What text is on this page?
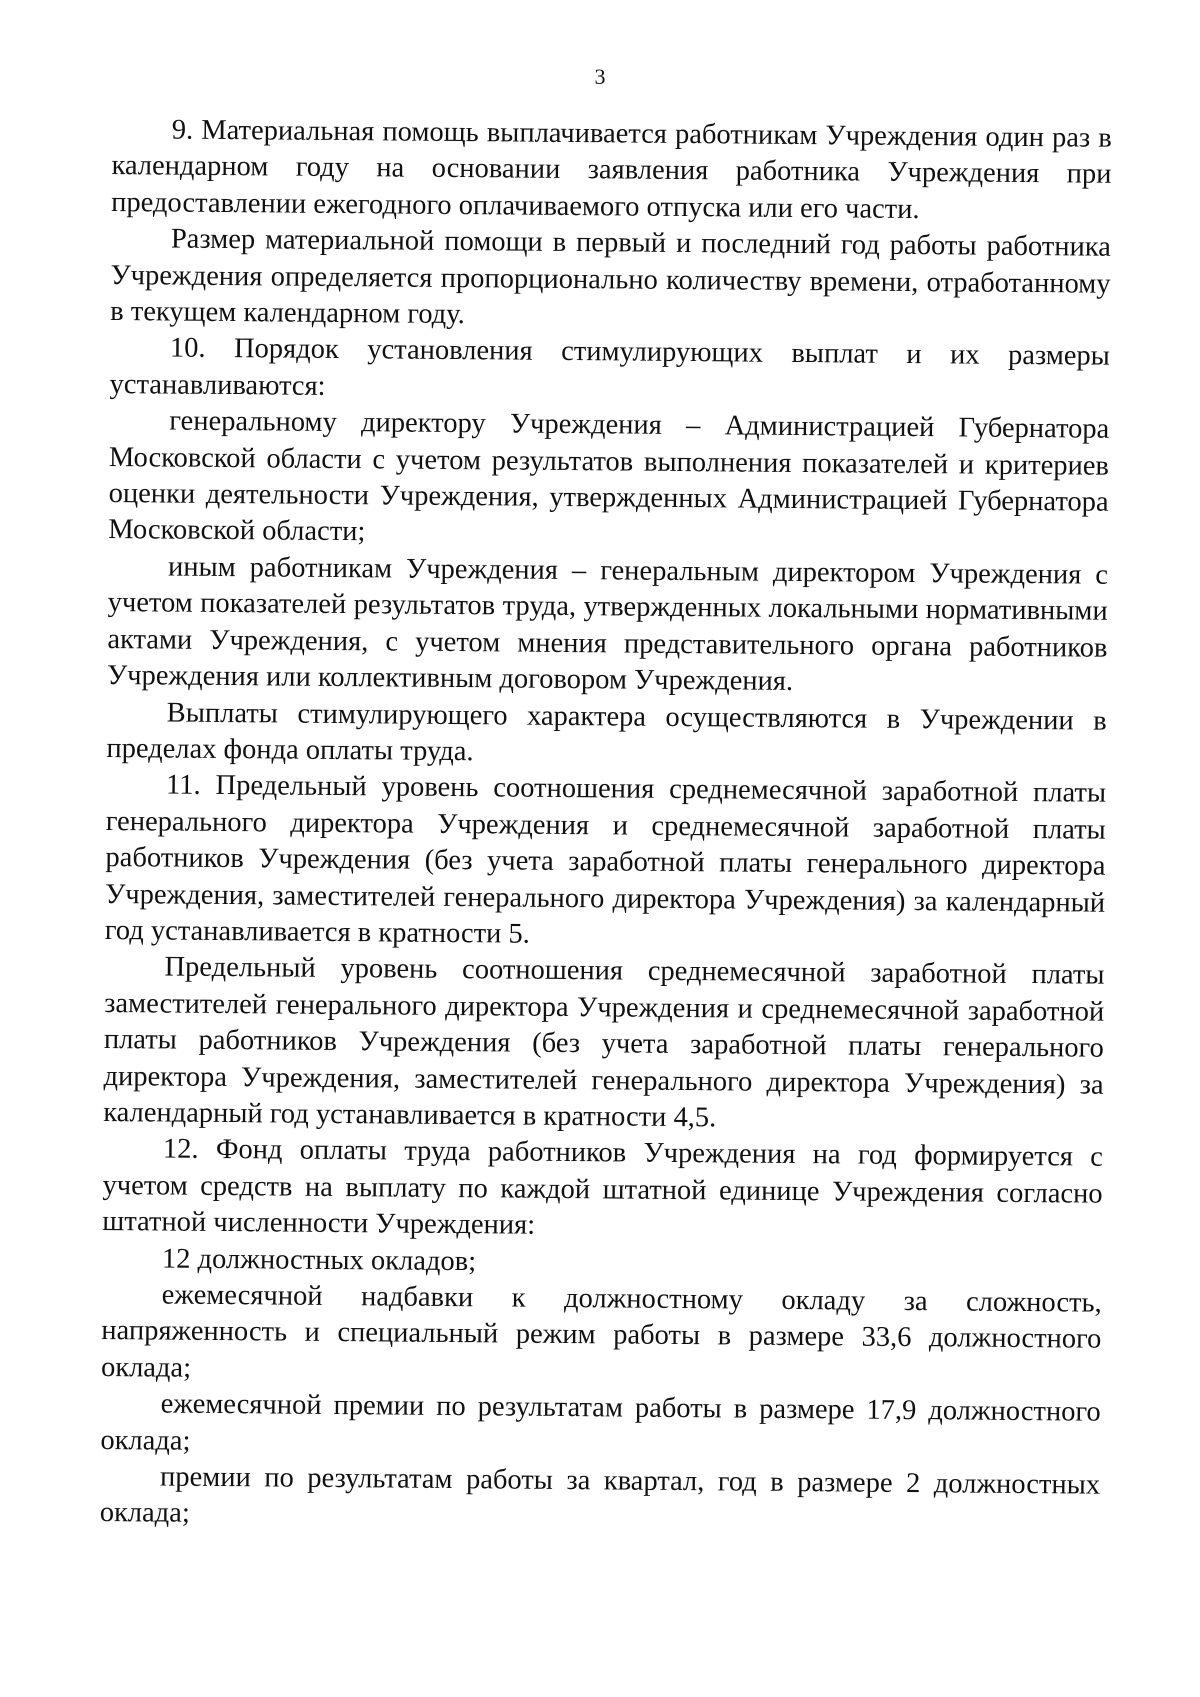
3

9. Материальная помощь выплачивается работникам Учреждения один раз в календарном году на основании заявления работника Учреждения при предоставлении ежегодного оплачиваемого отпуска или его части.

Размер материальной помощи в первый и последний год работы работника Учреждения определяется пропорционально количеству времени, отработанному в текущем календарном году.

10. Порядок установления стимулирующих выплат и их размеры устанавливаются:

генеральному директору Учреждения – Администрацией Губернатора Московской области с учетом результатов выполнения показателей и критериев оценки деятельности Учреждения, утвержденных Администрацией Губернатора Московской области;

иным работникам Учреждения – генеральным директором Учреждения с учетом показателей результатов труда, утвержденных локальными нормативными актами Учреждения, с учетом мнения представительного органа работников Учреждения или коллективным договором Учреждения.

Выплаты стимулирующего характера осуществляются в Учреждении в пределах фонда оплаты труда.

11. Предельный уровень соотношения среднемесячной заработной платы генерального директора Учреждения и среднемесячной заработной платы работников Учреждения (без учета заработной платы генерального директора Учреждения, заместителей генерального директора Учреждения) за календарный год устанавливается в кратности 5.

Предельный уровень соотношения среднемесячной заработной платы заместителей генерального директора Учреждения и среднемесячной заработной платы работников Учреждения (без учета заработной платы генерального директора Учреждения, заместителей генерального директора Учреждения) за календарный год устанавливается в кратности 4,5.

12. Фонд оплаты труда работников Учреждения на год формируется с учетом средств на выплату по каждой штатной единице Учреждения согласно штатной численности Учреждения:

12 должностных окладов;

ежемесячной надбавки к должностному окладу за сложность, напряженность и специальный режим работы в размере 33,6 должностного оклада;

ежемесячной премии по результатам работы в размере 17,9 должностного оклада;

премии по результатам работы за квартал, год в размере 2 должностных оклада;
